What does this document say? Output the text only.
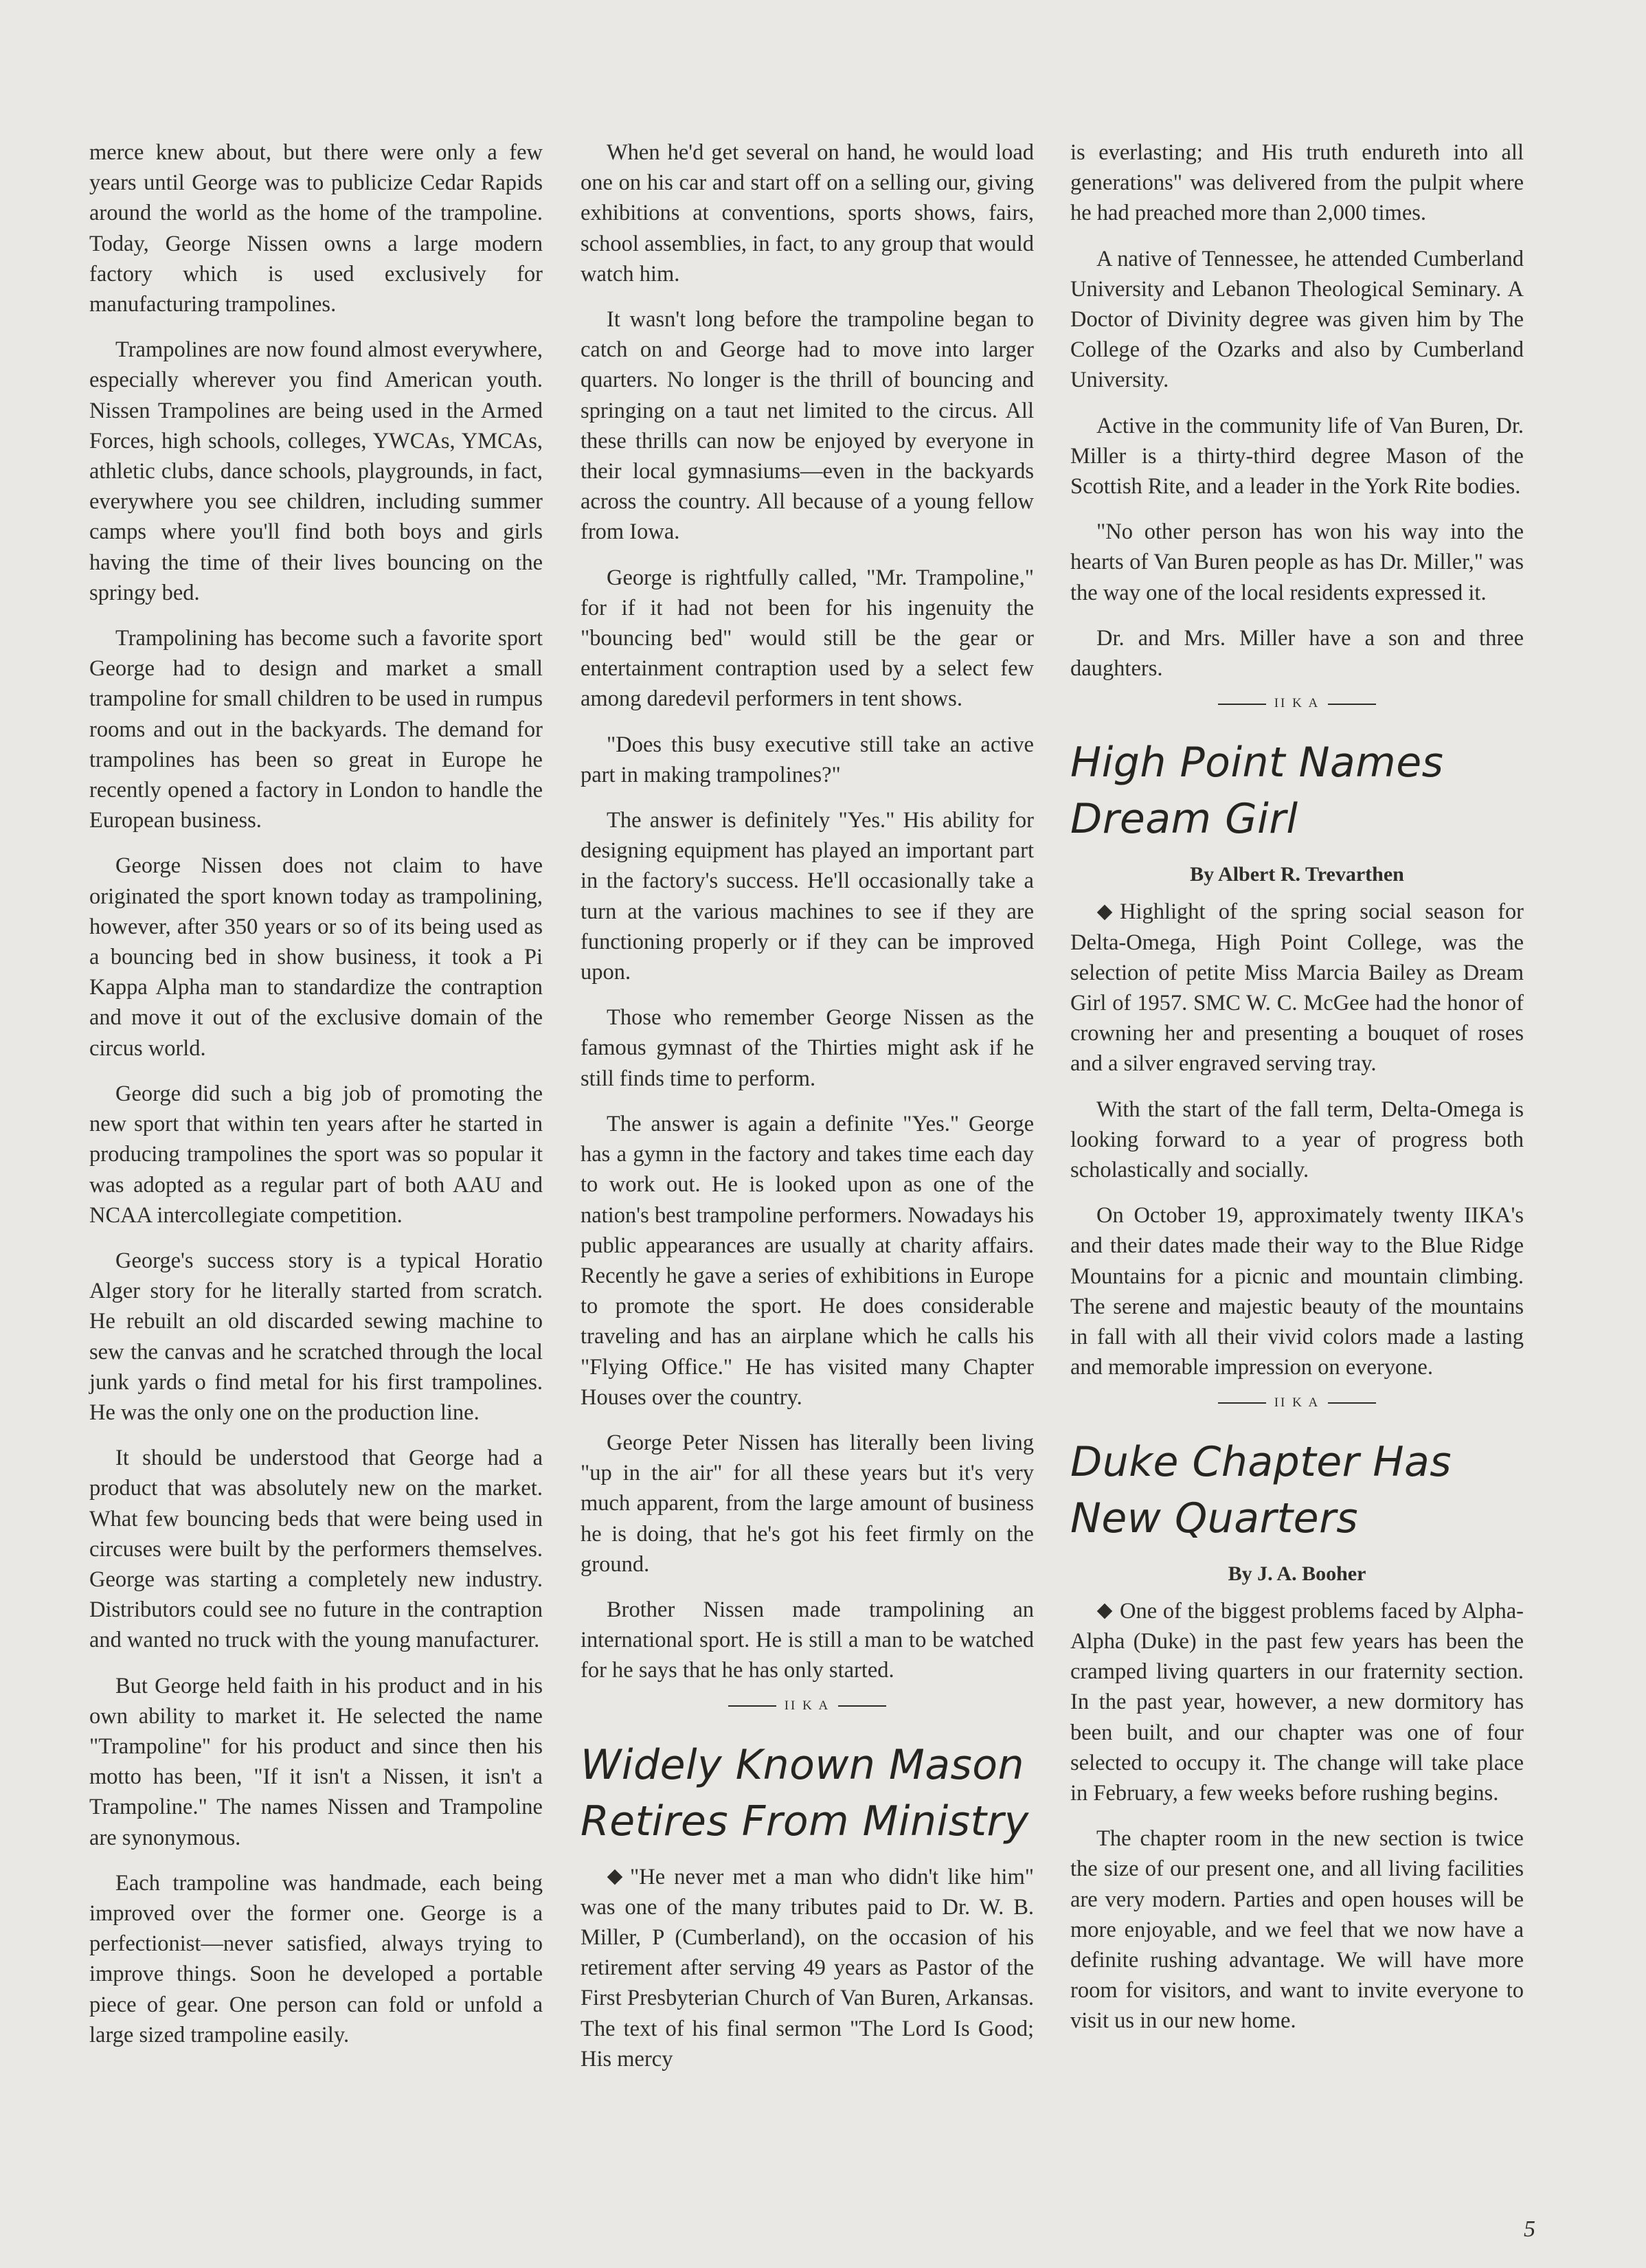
merce knew about, but there were only a few years until George was to publicize Cedar Rapids around the world as the home of the trampoline. Today, George Nissen owns a large modern factory which is used exclusively for manufacturing trampolines.

Trampolines are now found almost everywhere, especially wherever you find American youth. Nissen Trampolines are being used in the Armed Forces, high schools, colleges, YWCAs, YMCAs, athletic clubs, dance schools, playgrounds, in fact, everywhere you see children, including summer camps where you'll find both boys and girls having the time of their lives bouncing on the springy bed.

Trampolining has become such a favorite sport George had to design and market a small trampoline for small children to be used in rumpus rooms and out in the backyards. The demand for trampolines has been so great in Europe he recently opened a factory in London to handle the European business.

George Nissen does not claim to have originated the sport known today as trampolining, however, after 350 years or so of its being used as a bouncing bed in show business, it took a Pi Kappa Alpha man to standardize the contraption and move it out of the exclusive domain of the circus world.

George did such a big job of promoting the new sport that within ten years after he started in producing trampolines the sport was so popular it was adopted as a regular part of both AAU and NCAA intercollegiate competition.

George's success story is a typical Horatio Alger story for he literally started from scratch. He rebuilt an old discarded sewing machine to sew the canvas and he scratched through the local junk yards o find metal for his first trampolines. He was the only one on the production line.

It should be understood that George had a product that was absolutely new on the market. What few bouncing beds that were being used in circuses were built by the performers themselves. George was starting a completely new industry. Distributors could see no future in the contraption and wanted no truck with the young manufacturer.

But George held faith in his product and in his own ability to market it. He selected the name "Trampoline" for his product and since then his motto has been, "If it isn't a Nissen, it isn't a Trampoline." The names Nissen and Trampoline are synonymous.

Each trampoline was handmade, each being improved over the former one. George is a perfectionist—never satisfied, always trying to improve things. Soon he developed a portable piece of gear. One person can fold or unfold a large sized trampoline easily.

When he'd get several on hand, he would load one on his car and start off on a selling our, giving exhibitions at conventions, sports shows, fairs, school assemblies, in fact, to any group that would watch him.

It wasn't long before the trampoline began to catch on and George had to move into larger quarters. No longer is the thrill of bouncing and springing on a taut net limited to the circus. All these thrills can now be enjoyed by everyone in their local gymnasiums—even in the backyards across the country. All because of a young fellow from Iowa.

George is rightfully called, "Mr. Trampoline," for if it had not been for his ingenuity the "bouncing bed" would still be the gear or entertainment contraption used by a select few among daredevil performers in tent shows.

"Does this busy executive still take an active part in making trampolines?"

The answer is definitely "Yes." His ability for designing equipment has played an important part in the factory's success. He'll occasionally take a turn at the various machines to see if they are functioning properly or if they can be improved upon.

Those who remember George Nissen as the famous gymnast of the Thirties might ask if he still finds time to perform.

The answer is again a definite "Yes." George has a gymn in the factory and takes time each day to work out. He is looked upon as one of the nation's best trampoline performers. Nowadays his public appearances are usually at charity affairs. Recently he gave a series of exhibitions in Europe to promote the sport. He does considerable traveling and has an airplane which he calls his "Flying Office." He has visited many Chapter Houses over the country.

George Peter Nissen has literally been living "up in the air" for all these years but it's very much apparent, from the large amount of business he is doing, that he's got his feet firmly on the ground.

Brother Nissen made trampolining an international sport. He is still a man to be watched for he says that he has only started.

II K A
Widely Known Mason Retires From Ministry

"He never met a man who didn't like him" was one of the many tributes paid to Dr. W. B. Miller, P (Cumberland), on the occasion of his retirement after serving 49 years as Pastor of the First Presbyterian Church of Van Buren, Arkansas. The text of his final sermon "The Lord Is Good; His mercy

is everlasting; and His truth endureth into all generations" was delivered from the pulpit where he had preached more than 2,000 times.

A native of Tennessee, he attended Cumberland University and Lebanon Theological Seminary. A Doctor of Divinity degree was given him by The College of the Ozarks and also by Cumberland University.

Active in the community life of Van Buren, Dr. Miller is a thirty-third degree Mason of the Scottish Rite, and a leader in the York Rite bodies.

"No other person has won his way into the hearts of Van Buren people as has Dr. Miller," was the way one of the local residents expressed it.

Dr. and Mrs. Miller have a son and three daughters.

II K A
High Point Names Dream Girl
By Albert R. Trevarthen

Highlight of the spring social season for Delta-Omega, High Point College, was the selection of petite Miss Marcia Bailey as Dream Girl of 1957. SMC W. C. McGee had the honor of crowning her and presenting a bouquet of roses and a silver engraved serving tray.

With the start of the fall term, Delta-Omega is looking forward to a year of progress both scholastically and socially.

On October 19, approximately twenty IIKA's and their dates made their way to the Blue Ridge Mountains for a picnic and mountain climbing. The serene and majestic beauty of the mountains in fall with all their vivid colors made a lasting and memorable impression on everyone.

II K A
Duke Chapter Has New Quarters
By J. A. Booher

One of the biggest problems faced by Alpha-Alpha (Duke) in the past few years has been the cramped living quarters in our fraternity section. In the past year, however, a new dormitory has been built, and our chapter was one of four selected to occupy it. The change will take place in February, a few weeks before rushing begins.

The chapter room in the new section is twice the size of our present one, and all living facilities are very modern. Parties and open houses will be more enjoyable, and we feel that we now have a definite rushing advantage. We will have more room for visitors, and want to invite everyone to visit us in our new home.

5
